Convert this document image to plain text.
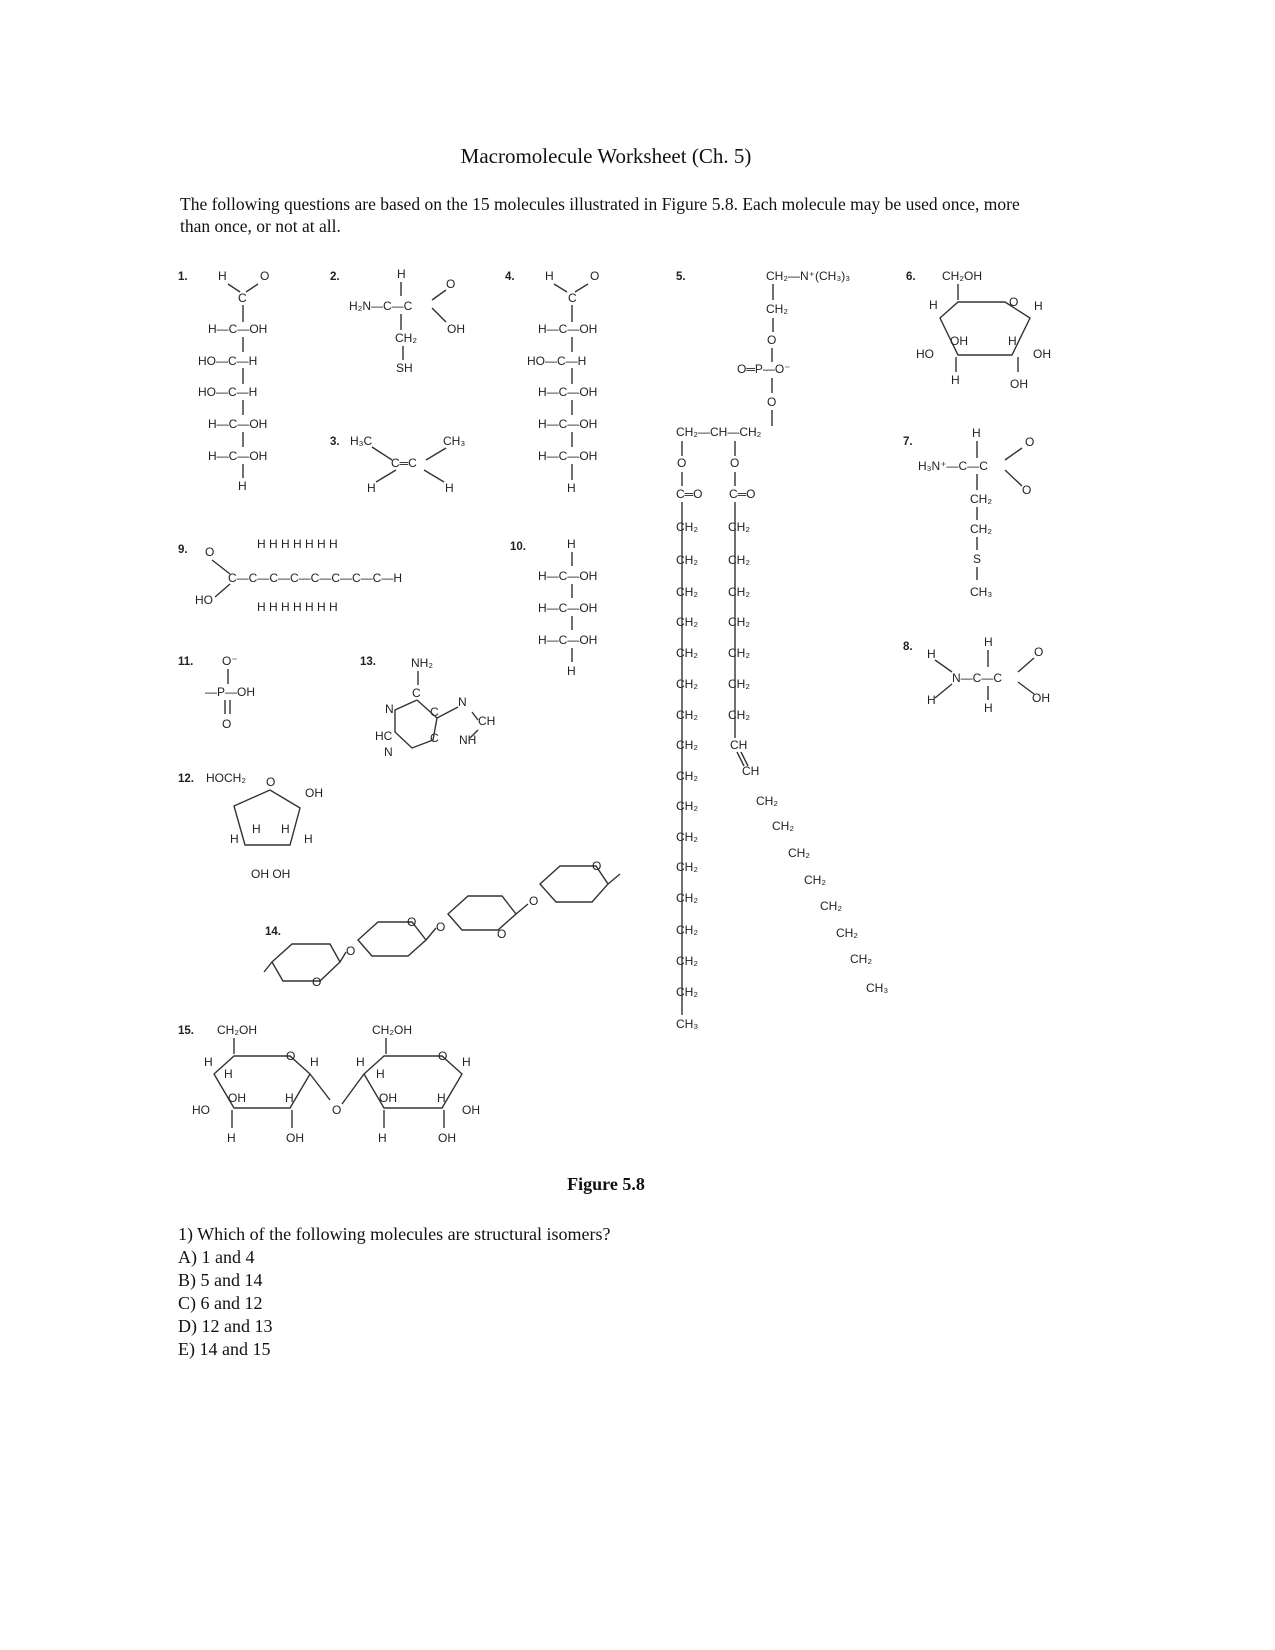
Macromolecule Worksheet (Ch. 5)
The following questions are based on the 15 molecules illustrated in Figure 5.8. Each molecule may be used once, more than once, or not at all.
1.	2.
3.
4.	5.	6.
7.
8.
9.	10.
11.
12.
13.
14.
15.
H	O
C
H—C—OH
HO—C—H
HO—C—H
H—C—OH
H—C—OH
H
H
H₂N—C—C
O
OH
CH₂
SH
H₃C	CH₃
C═C
H	H
H	O
C
H—C—OH
HO—C—H
H—C—OH
H—C—OH
H—C—OH
H
CH₂—N⁺(CH₃)₃
CH₂
O
O═P—O⁻
O
CH₂—CH—CH₂
O	O
C═O C═O
CH₂
CH₂
CH₂
CH₂
CH₂
CH₂
CH₂
CH₂
CH₂
CH₂
CH₂
CH₂
CH₂
CH₂
CH₂
CH₂
CH₃
CH₂
CH₂
CH₂
CH₂
CH₂
CH₂
CH₂
CH
CH
CH₂
CH₂
CH₂
CH₂
CH₂
CH₂
CH₂
CH₃
CH₂OH
O H
H
OH	H
HO	OH
H	OH
H
H₃N⁺—C—C
O
O
CH₂
CH₂
S
CH₃
H
H
N—C—C
H
H
O
OH
O
HO
C—C—C—C—C—C—C—C—H
H H H H H H H
H H H H H H H
H
H—C—OH
H—C—OH
H—C—OH
H
O⁻
—P—OH
O
HOCH₂ O
OH
H
H H
H
OH OH
NH₂
C
N
HC
N
C
C
N
CH
NH
O
O
O O	O
O
O
CH₂OH
O H
H
H
OH	H
HO
H	OH
O
CH₂OH
O H
H
H
OH	H
OH
H	OH
Figure 5.8
1) Which of the following molecules are structural isomers?
A) 1 and 4
B) 5 and 14
C) 6 and 12
D) 12 and 13
E) 14 and 15
